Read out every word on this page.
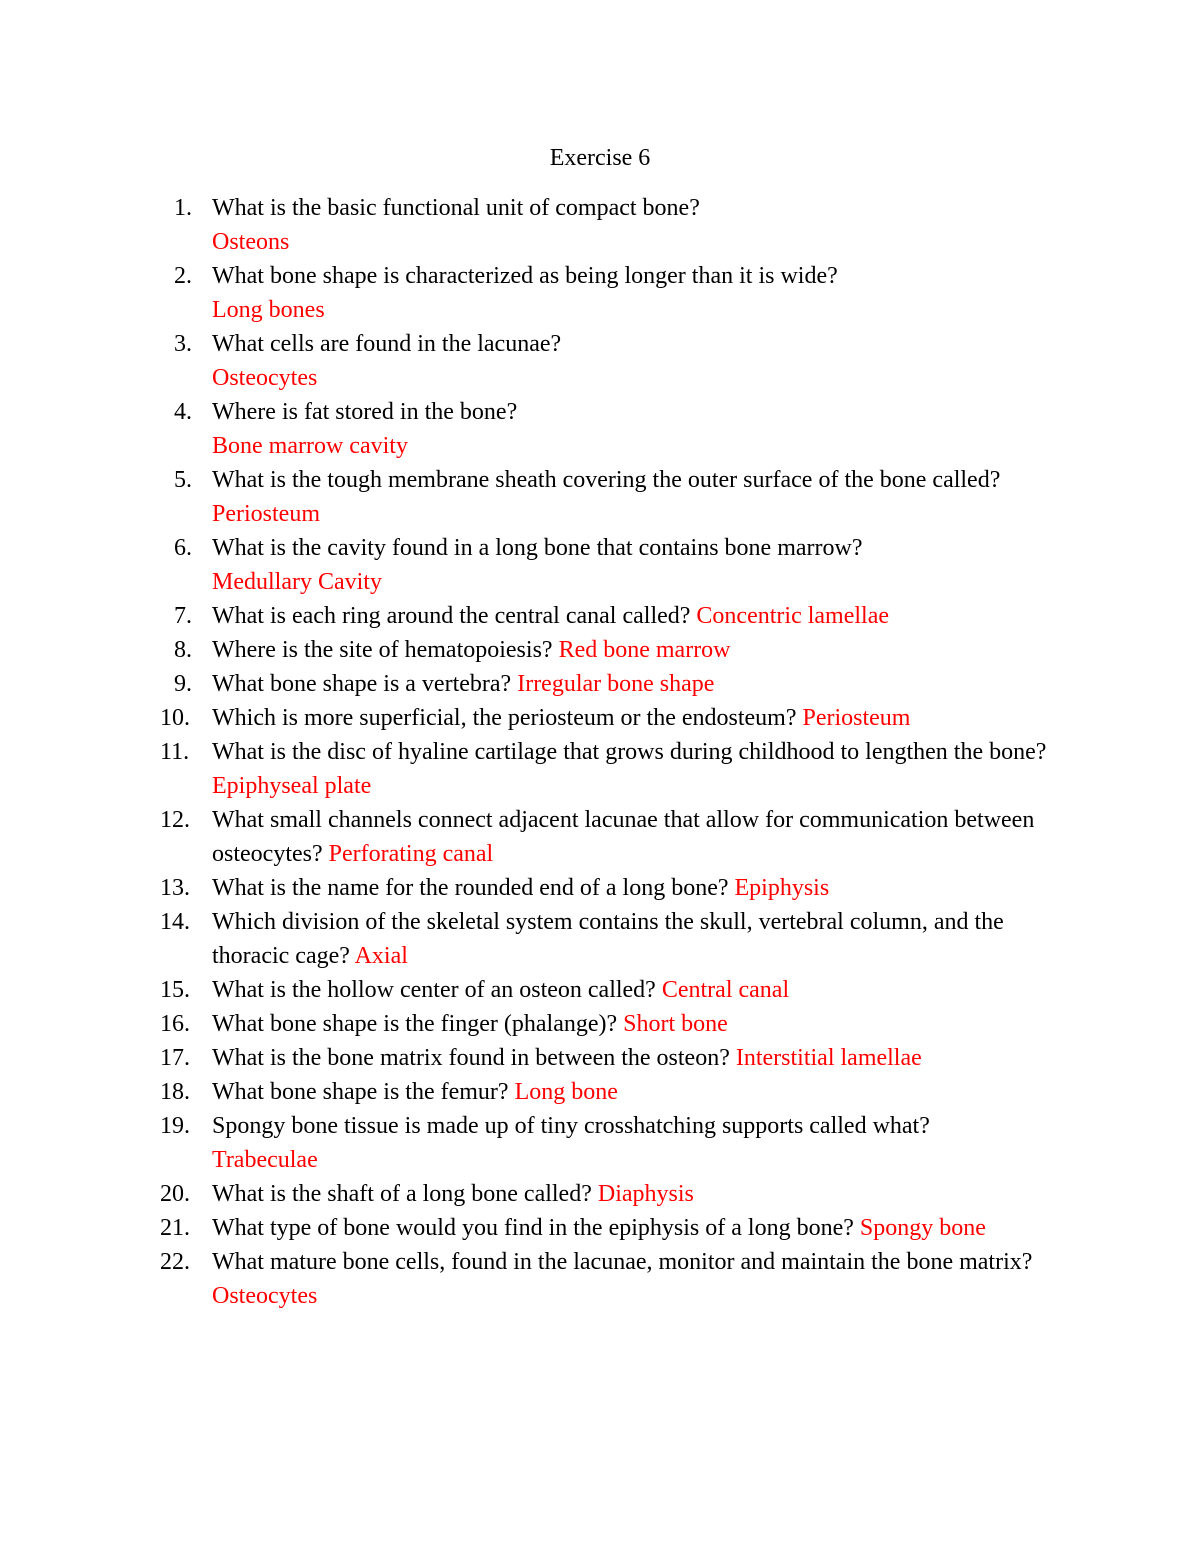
Exercise 6
1. What is the basic functional unit of compact bone?
Osteons
2. What bone shape is characterized as being longer than it is wide?
Long bones
3. What cells are found in the lacunae?
Osteocytes
4. Where is fat stored in the bone?
Bone marrow cavity
5. What is the tough membrane sheath covering the outer surface of the bone called? Periosteum
6. What is the cavity found in a long bone that contains bone marrow?
Medullary Cavity
7. What is each ring around the central canal called? Concentric lamellae
8. Where is the site of hematopoiesis? Red bone marrow
9. What bone shape is a vertebra? Irregular bone shape
10. Which is more superficial, the periosteum or the endosteum? Periosteum
11. What is the disc of hyaline cartilage that grows during childhood to lengthen the bone? Epiphyseal plate
12. What small channels connect adjacent lacunae that allow for communication between osteocytes? Perforating canal
13. What is the name for the rounded end of a long bone? Epiphysis
14. Which division of the skeletal system contains the skull, vertebral column, and the thoracic cage? Axial
15. What is the hollow center of an osteon called? Central canal
16. What bone shape is the finger (phalange)? Short bone
17. What is the bone matrix found in between the osteon? Interstitial lamellae
18. What bone shape is the femur? Long bone
19. Spongy bone tissue is made up of tiny crosshatching supports called what?
Trabeculae
20. What is the shaft of a long bone called? Diaphysis
21. What type of bone would you find in the epiphysis of a long bone? Spongy bone
22. What mature bone cells, found in the lacunae, monitor and maintain the bone matrix? Osteocytes
